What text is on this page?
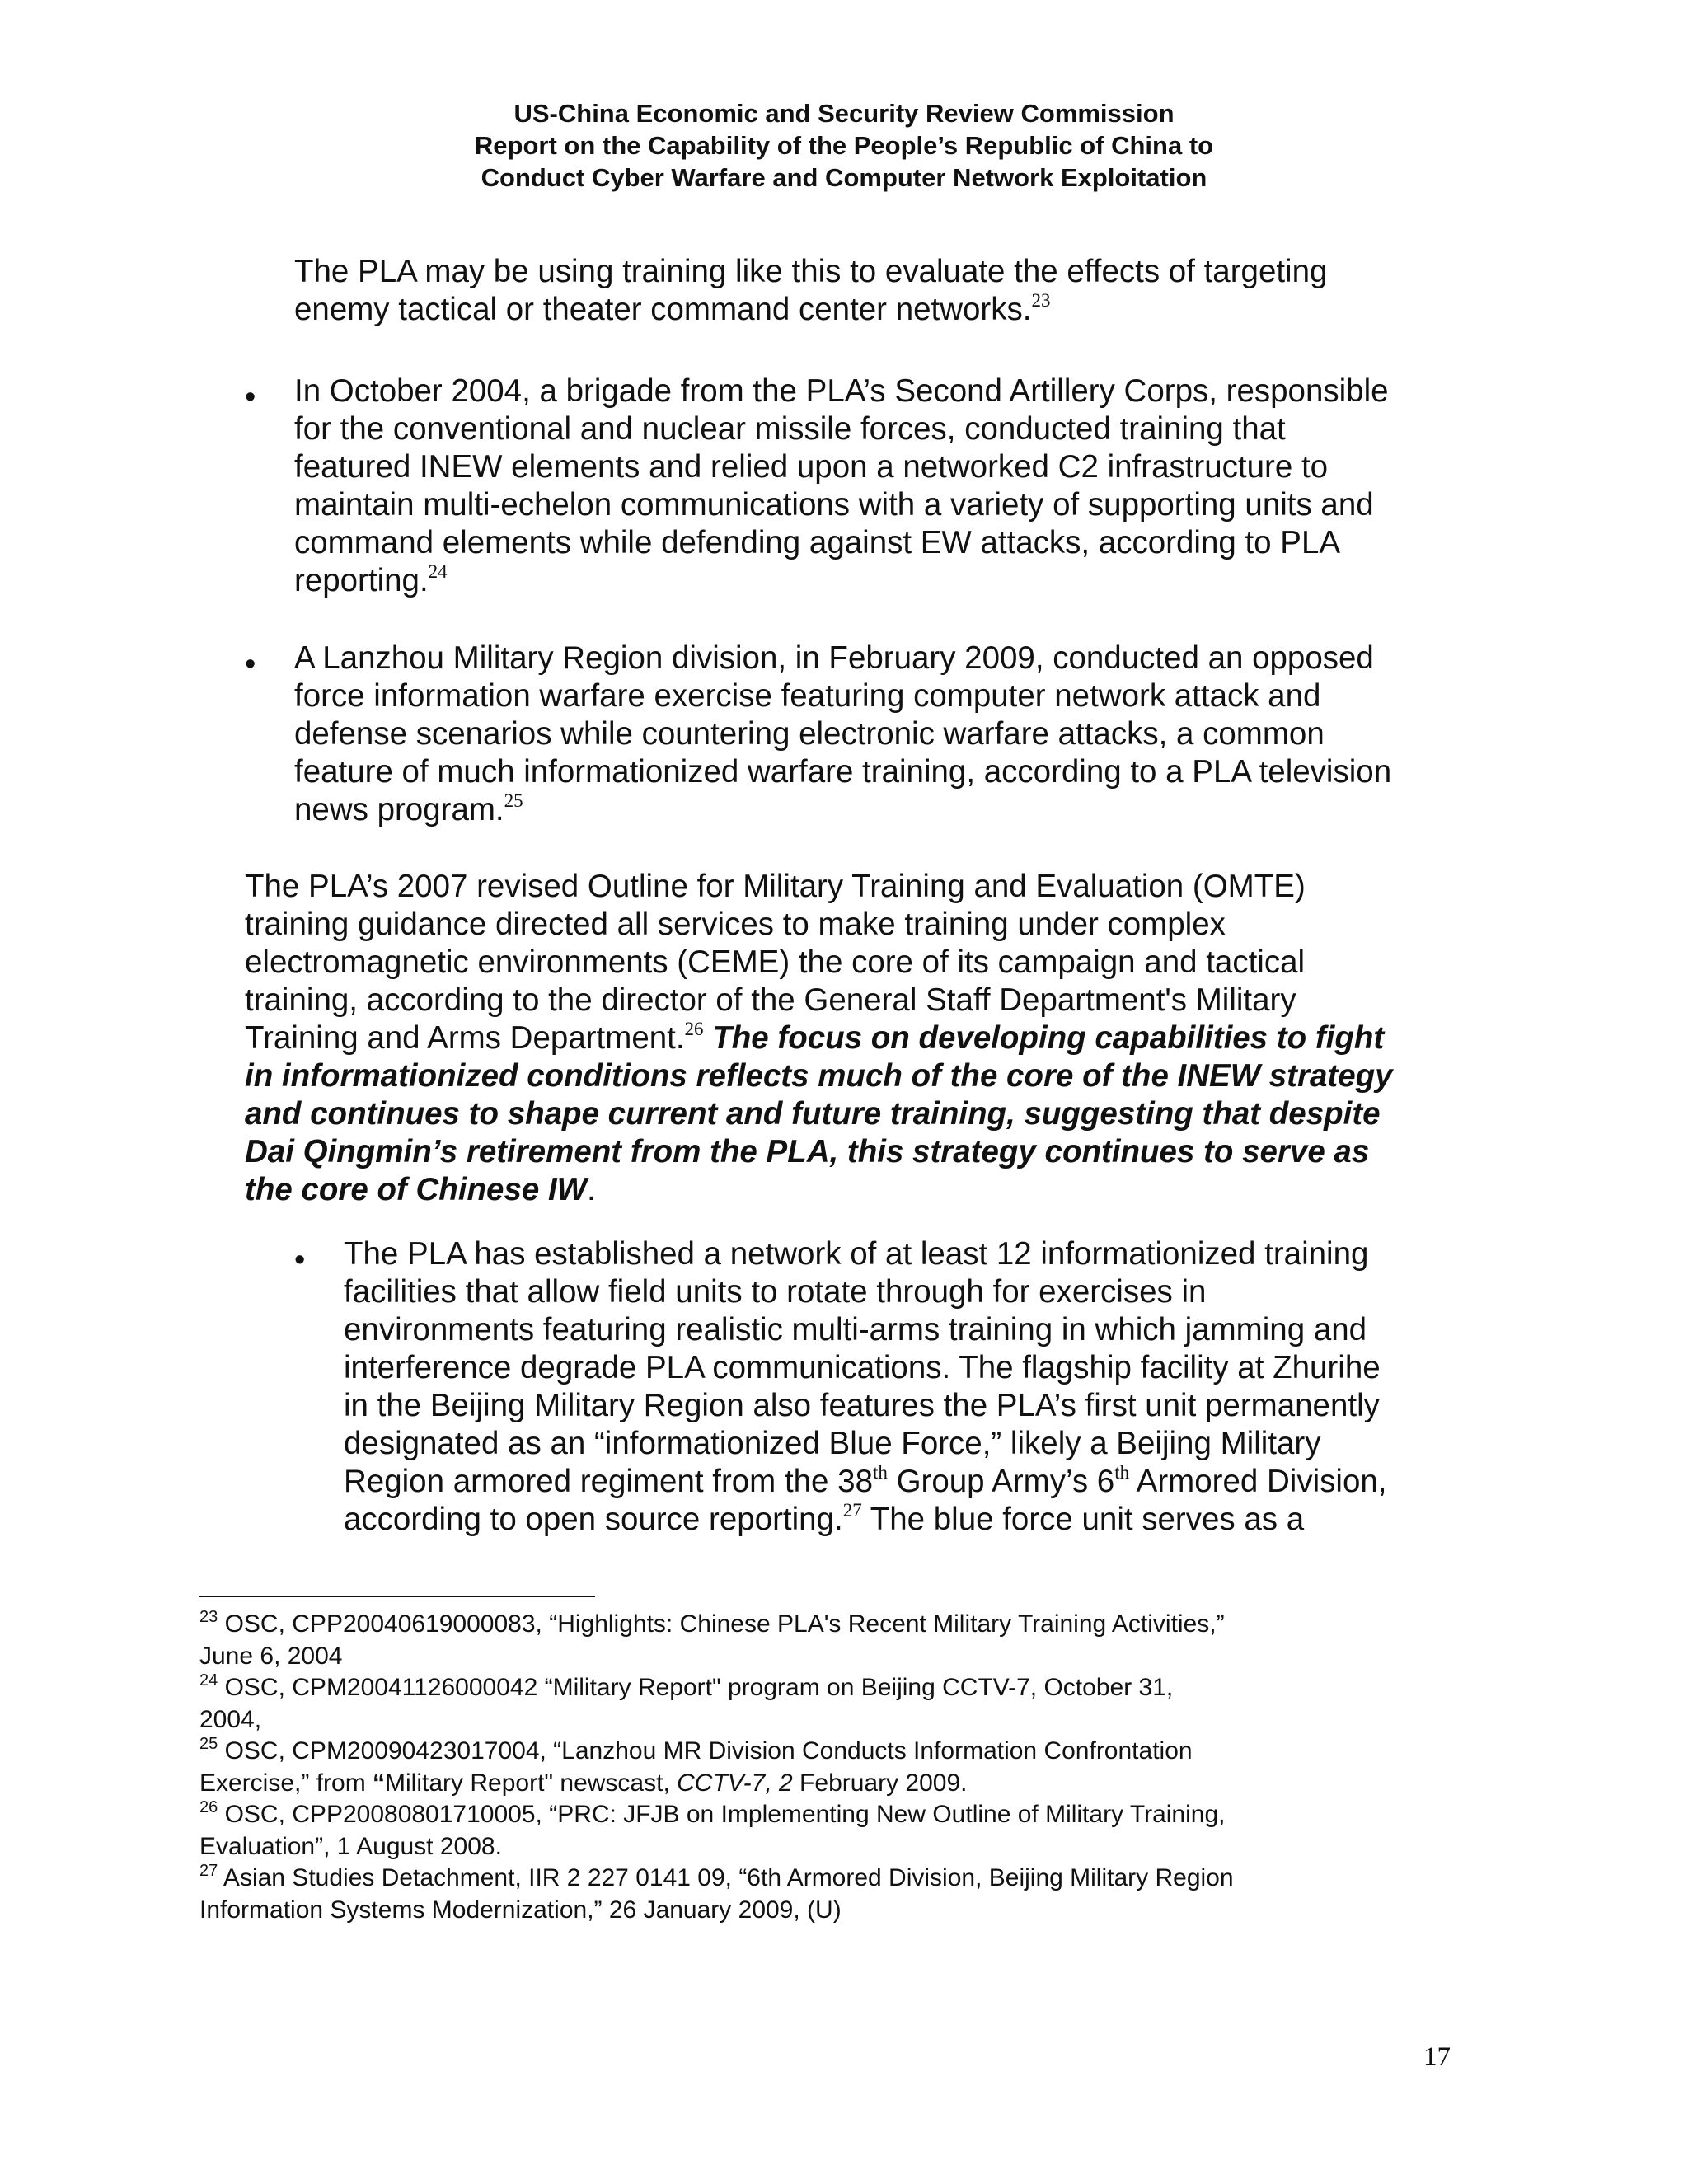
US-China Economic and Security Review Commission
Report on the Capability of the People’s Republic of China to
Conduct Cyber Warfare and Computer Network Exploitation
The PLA may be using training like this to evaluate the effects of targeting
enemy tactical or theater command center networks.$^{23}$
• In October 2004, a brigade from the PLA’s Second Artillery Corps, responsible
for the conventional and nuclear missile forces, conducted training that
featured INEW elements and relied upon a networked C2 infrastructure to
maintain multi-echelon communications with a variety of supporting units and
command elements while defending against EW attacks, according to PLA
reporting.$^{24}$
• A Lanzhou Military Region division, in February 2009, conducted an opposed
force information warfare exercise featuring computer network attack and
defense scenarios while countering electronic warfare attacks, a common
feature of much informationized warfare training, according to a PLA television
news program.$^{25}$
The PLA’s 2007 revised Outline for Military Training and Evaluation (OMTE)
training guidance directed all services to make training under complex
electromagnetic environments (CEME) the core of its campaign and tactical
training, according to the director of the General Staff Department's Military
Training and Arms Department.$^{26}$ The focus on developing capabilities to fight
in informationized conditions reflects much of the core of the INEW strategy
and continues to shape current and future training, suggesting that despite
Dai Qingmin’s retirement from the PLA, this strategy continues to serve as
the core of Chinese IW.
• The PLA has established a network of at least 12 informationized training
facilities that allow field units to rotate through for exercises in
environments featuring realistic multi-arms training in which jamming and
interference degrade PLA communications. The flagship facility at Zhurihe
in the Beijing Military Region also features the PLA’s first unit permanently
designated as an “informationized Blue Force,” likely a Beijing Military
Region armored regiment from the 38th Group Army’s 6th Armored Division,
according to open source reporting.$^{27}$ The blue force unit serves as a
$^{23}$ OSC, CPP20040619000083, “Highlights: Chinese PLA's Recent Military Training Activities,”
June 6, 2004
$^{24}$ OSC, CPM20041126000042 “Military Report" program on Beijing CCTV-7, October 31,
2004,
$^{25}$ OSC, CPM20090423017004, “Lanzhou MR Division Conducts Information Confrontation
Exercise,” from “Military Report" newscast, CCTV-7, 2 February 2009.
$^{26}$ OSC, CPP20080801710005, “PRC: JFJB on Implementing New Outline of Military Training,
Evaluation”, 1 August 2008.
$^{27}$ Asian Studies Detachment, IIR 2 227 0141 09, “6th Armored Division, Beijing Military Region
Information Systems Modernization,” 26 January 2009, (U)
17
